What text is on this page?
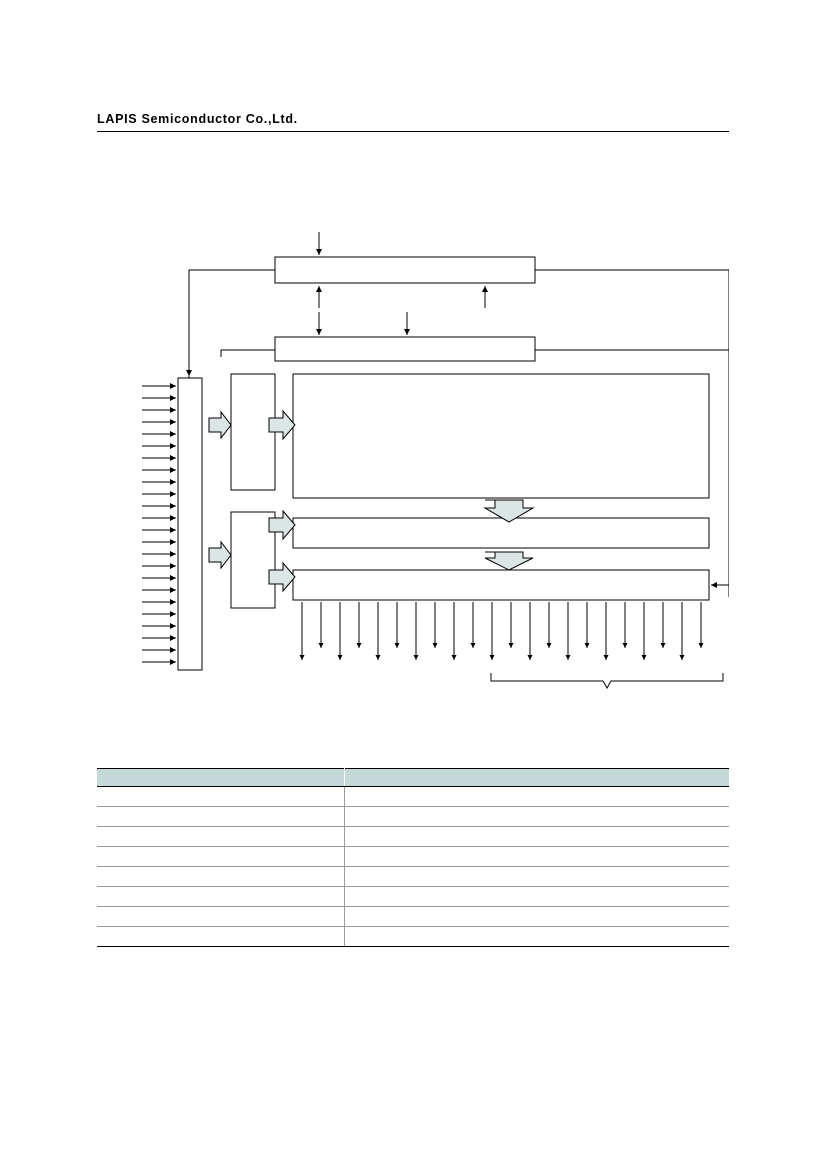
LAPIS Semiconductor Co.,Ltd.
